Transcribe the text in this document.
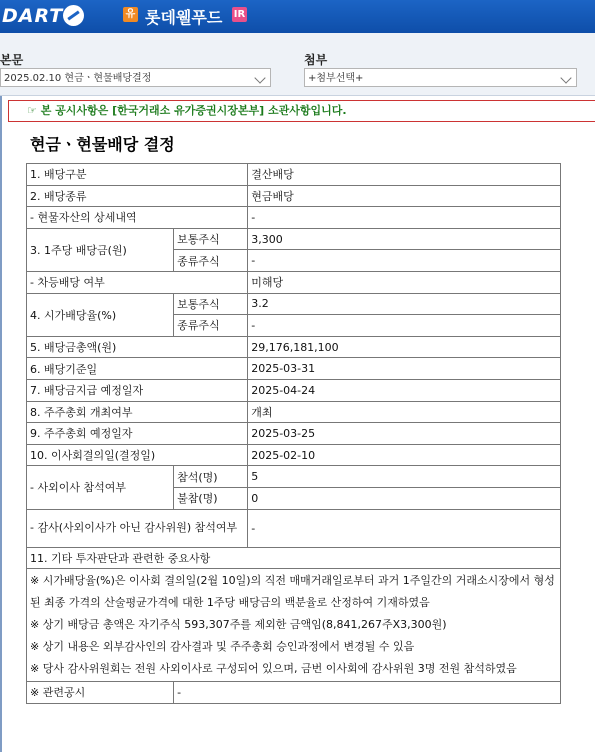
DART	유 롯데웰푸드 IR
본문
2025.02.10 현금ㆍ현물배당결정
첨부
+첨부선택+
☞ 본 공시사항은 [한국거래소 유가증권시장본부] 소관사항입니다.
현금ㆍ현물배당 결정
1. 배당구분		결산배당
2. 배당종류		현금배당
- 현물자산의 상세내역		-
3. 1주당 배당금(원)	보통주식	3,300
	종류주식	-
- 차등배당 여부		미해당
4. 시가배당율(%)	보통주식	3.2
	종류주식	-
5. 배당금총액(원)		29,176,181,100
6. 배당기준일		2025-03-31
7. 배당금지급 예정일자		2025-04-24
8. 주주총회 개최여부		개최
9. 주주총회 예정일자		2025-03-25
10. 이사회결의일(결정일)		2025-02-10
- 사외이사 참석여부	참석(명)	5
	불참(명)	0
- 감사(사외이사가 아닌 감사위원) 참석여부		-
11. 기타 투자판단과 관련한 중요사항		

※ 시가배당율(%)은 이사회 결의일(2월 10일)의 직전 매매거래일로부터 과거 1주일간의 거래소시장에서 형성된 최종 가격의 산술평균가격에 대한 1주당 배당금의 백분율로 산정하여 기재하였음
※ 상기 배당금 총액은 자기주식 593,307주를 제외한 금액임(8,841,267주X3,300원)
※ 상기 내용은 외부감사인의 감사결과 및 주주총회 승인과정에서 변경될 수 있음
※ 당사 감사위원회는 전원 사외이사로 구성되어 있으며, 금번 이사회에 감사위원 3명 전원 참석하였음		

※ 관련공시	-	
